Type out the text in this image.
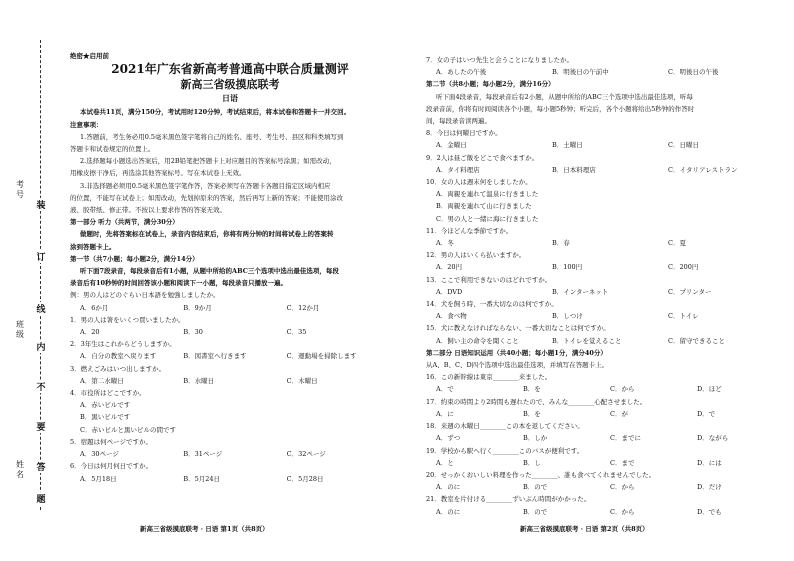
装
订
线
内
不
要
答
题
考号
班级
姓名
绝密★启用前
2021年广东省新高考普通高中联合质量测评
新高三省级摸底联考
日语
本试卷共11页，满分150分，考试用时120分钟，考试结束后，将本试卷和答题卡一并交回。
注意事项：
1.答题前，考生务必用0.5毫米黑色签字笔将自己的姓名、座号、考生号、县区和科类填写到
答题卡和试卷规定的位置上。
2.选择题每小题选出答案后，用2B铅笔把答题卡上对应题目的答案标号涂黑；如需改动，
用橡皮擦干净后，再选涂其他答案标号。写在本试卷上无效。
3.非选择题必须用0.5毫米黑色签字笔作答，答案必须写在答题卡各题目指定区域内相应
的位置，不能写在试卷上；如需改动，先划掉原来的答案，然后再写上新的答案；不能使用涂改
液、胶带纸、修正带。不按以上要求作答的答案无效。
第一部分 听力（共两节，满分30分）
做题时，先将答案标在试卷上，录音内容结束后，你将有两分钟的时间将试卷上的答案转
涂到答题卡上。
第一节（共7小题；每小题2分，满分14分）
听下面7段录音，每段录音后有1小题，从题中所给的ABC三个选项中选出最佳选项，每段
录音后有10秒钟的时间回答该小题和阅读下一小题，每段录音只播放一遍。
例：男の人はどのぐらい日本語を勉強しましたか。
A．6か月	B．9か月	C．12か月
1．男の人は箸をいくつ買いましたか。
A．20	B．30	C．35
2．3年生はこれからどうしますか。
A．自分の教室へ戻ります	B．図書室へ行きます	C．運動場を掃除します
3．燃えごみはいつ出しますか。
A．第二水曜日	B．水曜日	C．木曜日
4．市役所はどこですか。
A．赤いビルです
B．黒いビルです
C．赤いビルと黒いビルの間です
5．宿題は何ページですか。
A．30ページ	B．31ページ	C．32ページ
6．今日は何月何日ですか。
A．5月18日	B．5月24日	C．5月28日
7．女の子はいつ先生と会うことになりましたか。
A．あしたの午後	B．明後日の午前中	C．明後日の午後
第二节（共8小题；每小题2分，满分16分）
听下面4段录音，每段录音后有2小题，从题中所给的ABC三个选项中选出最佳选项，听每
段录音前，你将有时间阅读各个小题，每小题5秒钟；听完后，各个小题将给出5秒钟的作答时
间，每段录音读两遍。
8．今日は何曜日ですか。
A．金曜日	B．土曜日	C．日曜日
9．2人は昼ご飯をどこで食べますか。
A．タイ料理店	B．日本料理店	C．イタリアレストラン
10．女の人は週末何をしましたか。
A．両親を連れて温泉に行きました
B．両親を連れて山に行きました
C．男の人と一緒に海に行きました
11．今ほどんな季節ですか。
A．冬	B．春	C．夏
12．男の人はいくら払いますか。
A．20円	B．100円	C．200円
13．ここで利用できないのはどれですか。
A．DVD	B．インターネット	C．プリンター
14．犬を飼う時、一番大切なのは何ですか。
A．食べ物	B．しつけ	C．トイレ
15．犬に教えなければならない、一番大切なことは何ですか。
A．飼い主の命令を聞くこと	B．トイレを覚えること	C．留守できること
第二部分 日语知识运用（共40小题；每小题1分，满分40分）
从A、B、C、D四个选项中选出最佳选项，并填写在答题卡上。
16．この新幹線は東京________来ました。
A．で	B．を	C．から	D．ほど
17．約束の時間より2時間も遅れたので、みんな________心配させました。
A．に	B．を	C．が	D．で
18．来週の木曜日________この本を返してください。
A．ずつ	B．しか	C．までに	D．ながら
19．学校から駅へ行く________このバスが便利です。
A．と	B．し	C．まで	D．には
20．せっかくおいしい料理を作った________、誰も食べてくれませんでした。
A．のに	B．ので	C．から	D．だけ
21．教室を片付ける________ずいぶん時間がかかった。
A．のに	B．ので	C．から	D．でも
新高三省级摸底联考 · 日语 第1页（共8页）	新高三省级摸底联考 · 日语 第2页（共8页）
